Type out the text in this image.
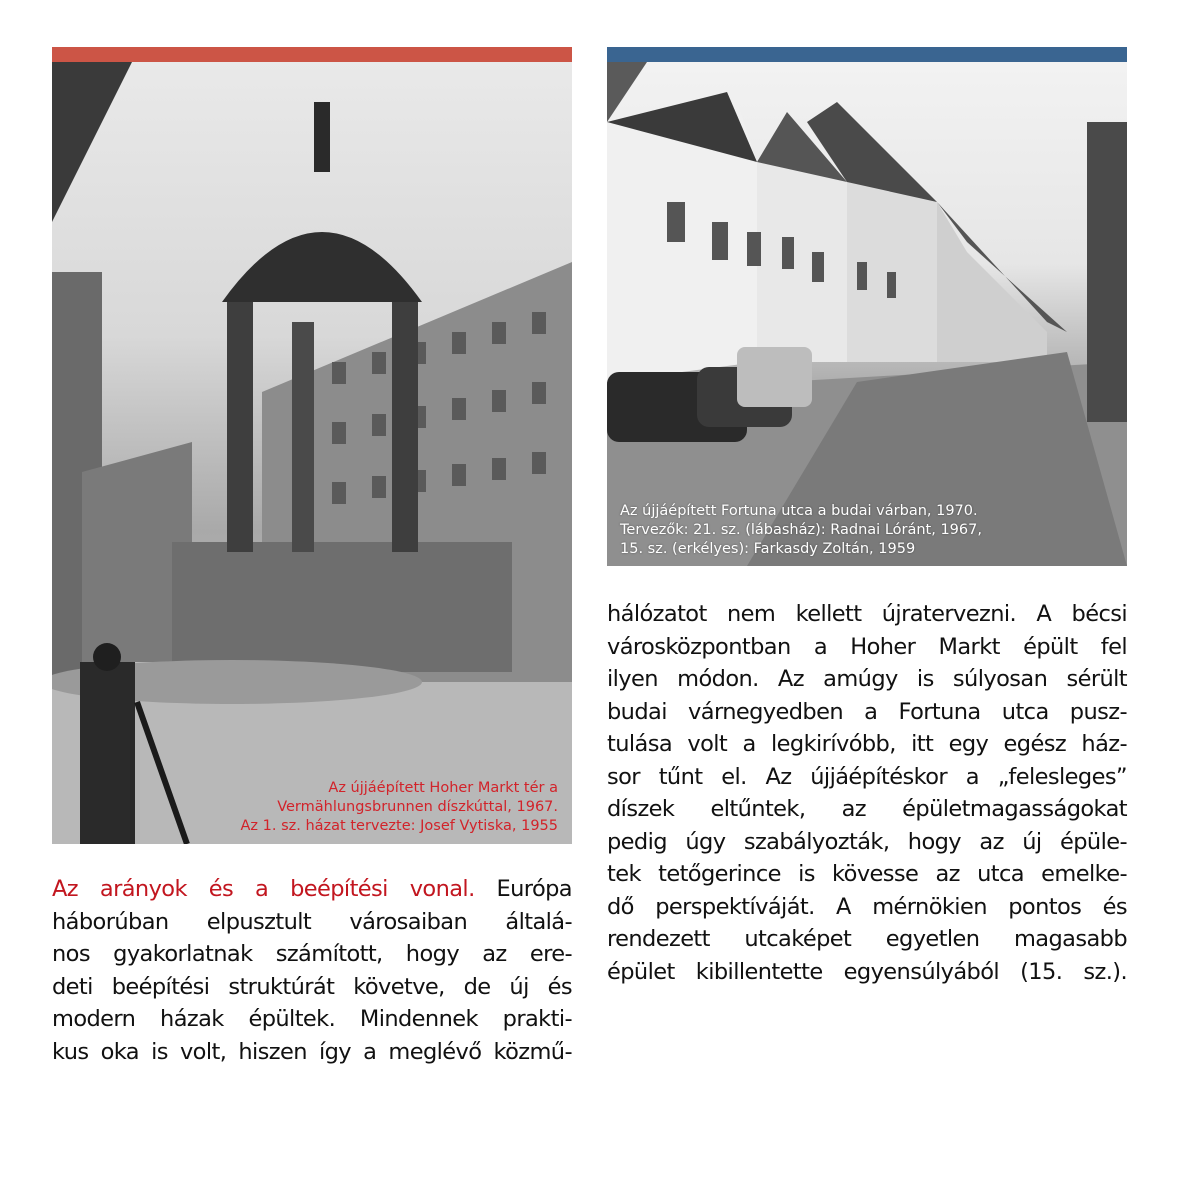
Az újjáépített Hoher Markt tér a
Vermählungsbrunnen díszkúttal, 1967.
Az 1. sz. házat tervezte: Josef Vytiska, 1955
Az újjáépített Fortuna utca a budai várban, 1970.
Tervezők: 21. sz. (lábasház): Radnai Lóránt, 1967,
15. sz. (erkélyes): Farkasdy Zoltán, 1959
Az arányok és a beépítési vonal. Európa
háborúban elpusztult városaiban általá-
nos gyakorlatnak számított, hogy az ere-
deti beépítési struktúrát követve, de új és
modern házak épültek. Mindennek prakti-
kus oka is volt, hiszen így a meglévő közmű-
hálózatot nem kellett újratervezni. A bécsi
városközpontban a Hoher Markt épült fel
ilyen módon. Az amúgy is súlyosan sérült
budai várnegyedben a Fortuna utca pusz-
tulása volt a legkirívóbb, itt egy egész ház-
sor tűnt el. Az újjáépítéskor a „felesleges”
díszek eltűntek, az épületmagasságokat
pedig úgy szabályozták, hogy az új épüle-
tek tetőgerince is kövesse az utca emelke-
dő perspektíváját. A mérnökien pontos és
rendezett utcaképet egyetlen magasabb
épület kibillentette egyensúlyából (15. sz.).
